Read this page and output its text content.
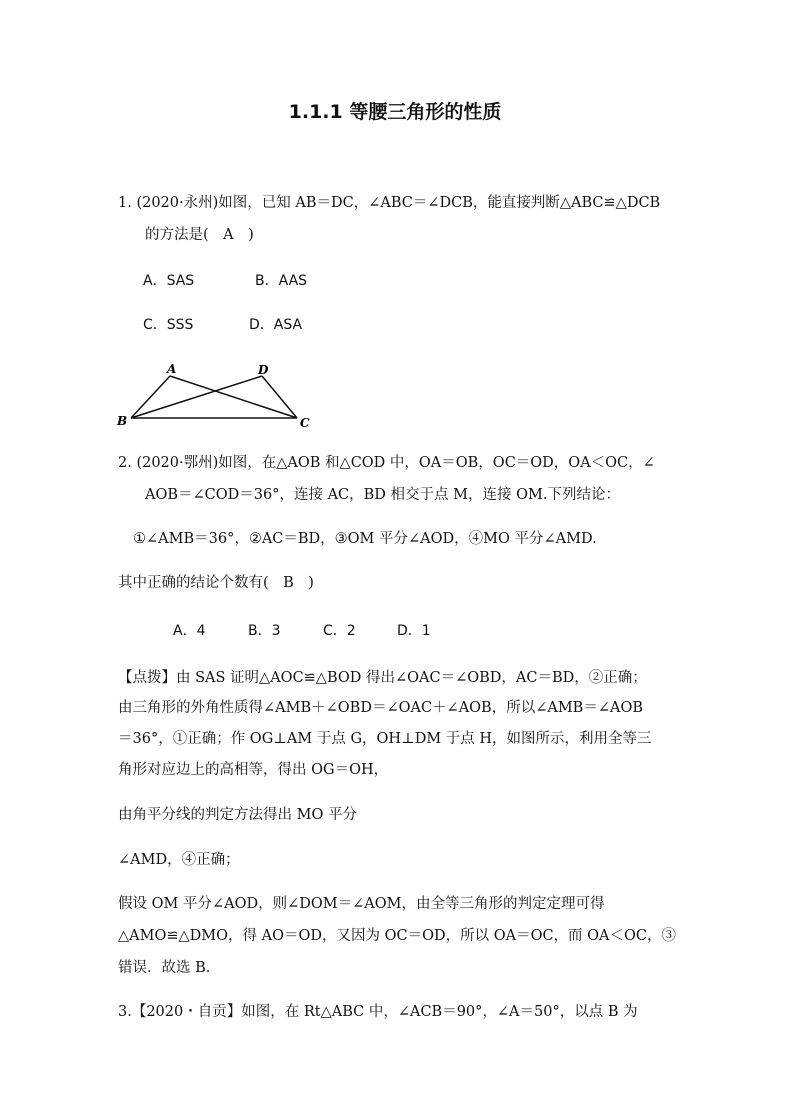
1.1.1 等腰三角形的性质
1. (2020·永州)如图，已知 AB＝DC，∠ABC＝∠DCB，能直接判断△ABC≌△DCB
的方法是(　A　)
A．SAS	B．AAS
C．SSS	D．ASA
A	D
B	C
2. (2020·鄂州)如图，在△AOB 和△COD 中，OA＝OB，OC＝OD，OA＜OC，∠
AOB＝∠COD＝36°，连接 AC，BD 相交于点 M，连接 OM.下列结论：
①∠AMB＝36°，②AC＝BD，③OM 平分∠AOD，④MO 平分∠AMD.
其中正确的结论个数有(　B　)
A．4	B．3	C．2	D．1
【点拨】由 SAS 证明△AOC≌△BOD 得出∠OAC＝∠OBD，AC＝BD，②正确；
由三角形的外角性质得∠AMB＋∠OBD＝∠OAC＋∠AOB，所以∠AMB＝∠AOB
＝36°，①正确；作 OG⊥AM 于点 G，OH⊥DM 于点 H，如图所示，利用全等三
角形对应边上的高相等，得出 OG＝OH，
由角平分线的判定方法得出 MO 平分
∠AMD，④正确；
假设 OM 平分∠AOD，则∠DOM＝∠AOM，由全等三角形的判定定理可得
△AMO≌△DMO，得 AO＝OD，又因为 OC＝OD，所以 OA＝OC，而 OA＜OC，③
错误．故选 B.
3.【2020・自贡】如图，在 Rt△ABC 中，∠ACB＝90°，∠A＝50°，以点 B 为
